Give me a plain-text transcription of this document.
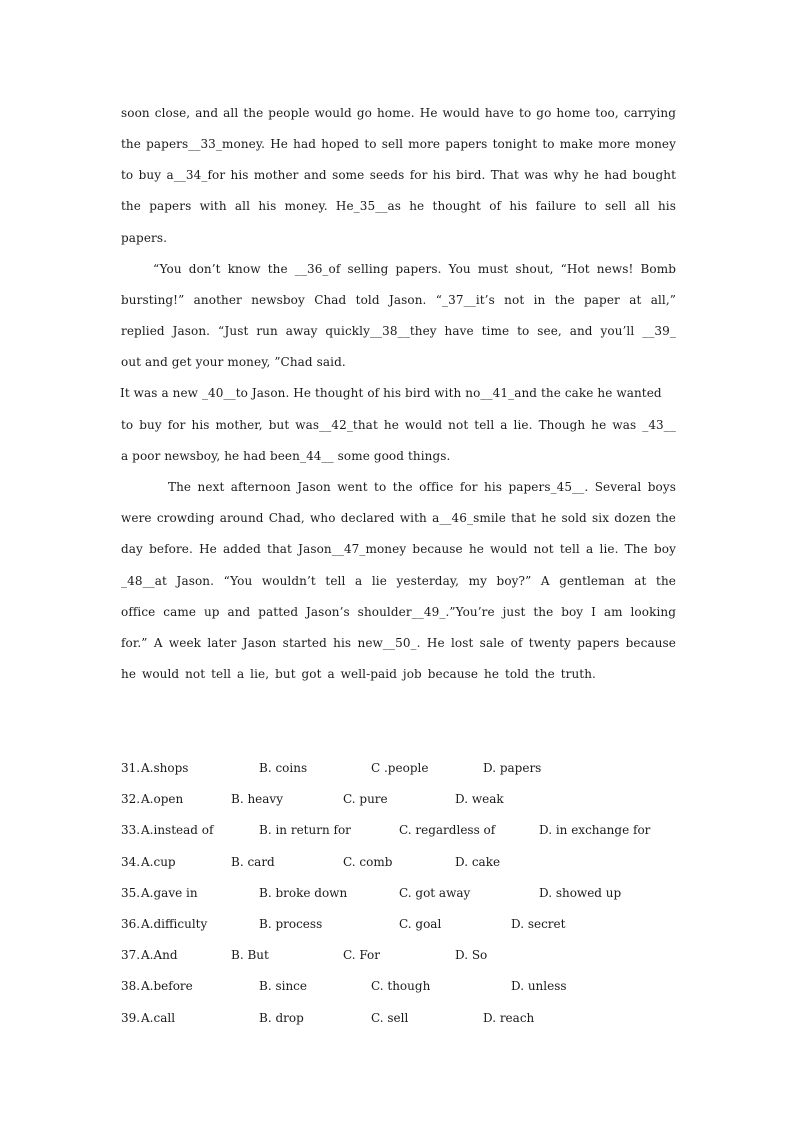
soon close, and all the people would go home. He would have to go home too, carrying
the papers__33_money. He had hoped to sell more papers tonight to make more money
to buy a__34_for his mother and some seeds for his bird. That was why he had bought
the papers with all his money. He_35__as he thought of his failure to sell all his
papers.
“You don’t know the __36_of selling papers. You must shout, “Hot news! Bomb
bursting!” another newsboy Chad told Jason. “_37__it’s not in the paper at all,”
replied Jason. “Just run away quickly__38__they have time to see, and you’ll __39_
out and get your money, ”Chad said.
It was a new _40__to Jason. He thought of his bird with no__41_and the cake he wanted
to buy for his mother, but was__42_that he would not tell a lie. Though he was _43__
a poor newsboy, he had been_44__ some good things.
The next afternoon Jason went to the office for his papers_45__. Several boys
were crowding around Chad, who declared with a__46_smile that he sold six dozen the
day before. He added that Jason__47_money because he would not tell a lie. The boy
_48__at Jason. “You wouldn’t tell a lie yesterday, my boy?” A gentleman at the
office came up and patted Jason’s shoulder__49_.”You’re just the boy I am looking
for.” A week later Jason started his new__50_. He lost sale of twenty papers because
he would not tell a lie, but got a well-paid job because he told the truth.

31.

A.shops

	B. coins

	C .people

	D. papers

32.

A.open

	B. heavy

	C. pure

	D. weak

33.

A.instead of

	B. in return for

	C. regardless of

	D. in exchange for

34.

A.cup

	B. card

	C. comb

	D. cake

35.

A.gave in

	B. broke down

	C. got away

	D. showed up

36.

A.difficulty

	B. process

	C. goal

	D. secret

37.

A.And

	B. But

	C. For

	D. So

38.

A.before

	B. since

	C. though

	D. unless

39.

A.call

	B. drop

	C. sell

	D. reach
